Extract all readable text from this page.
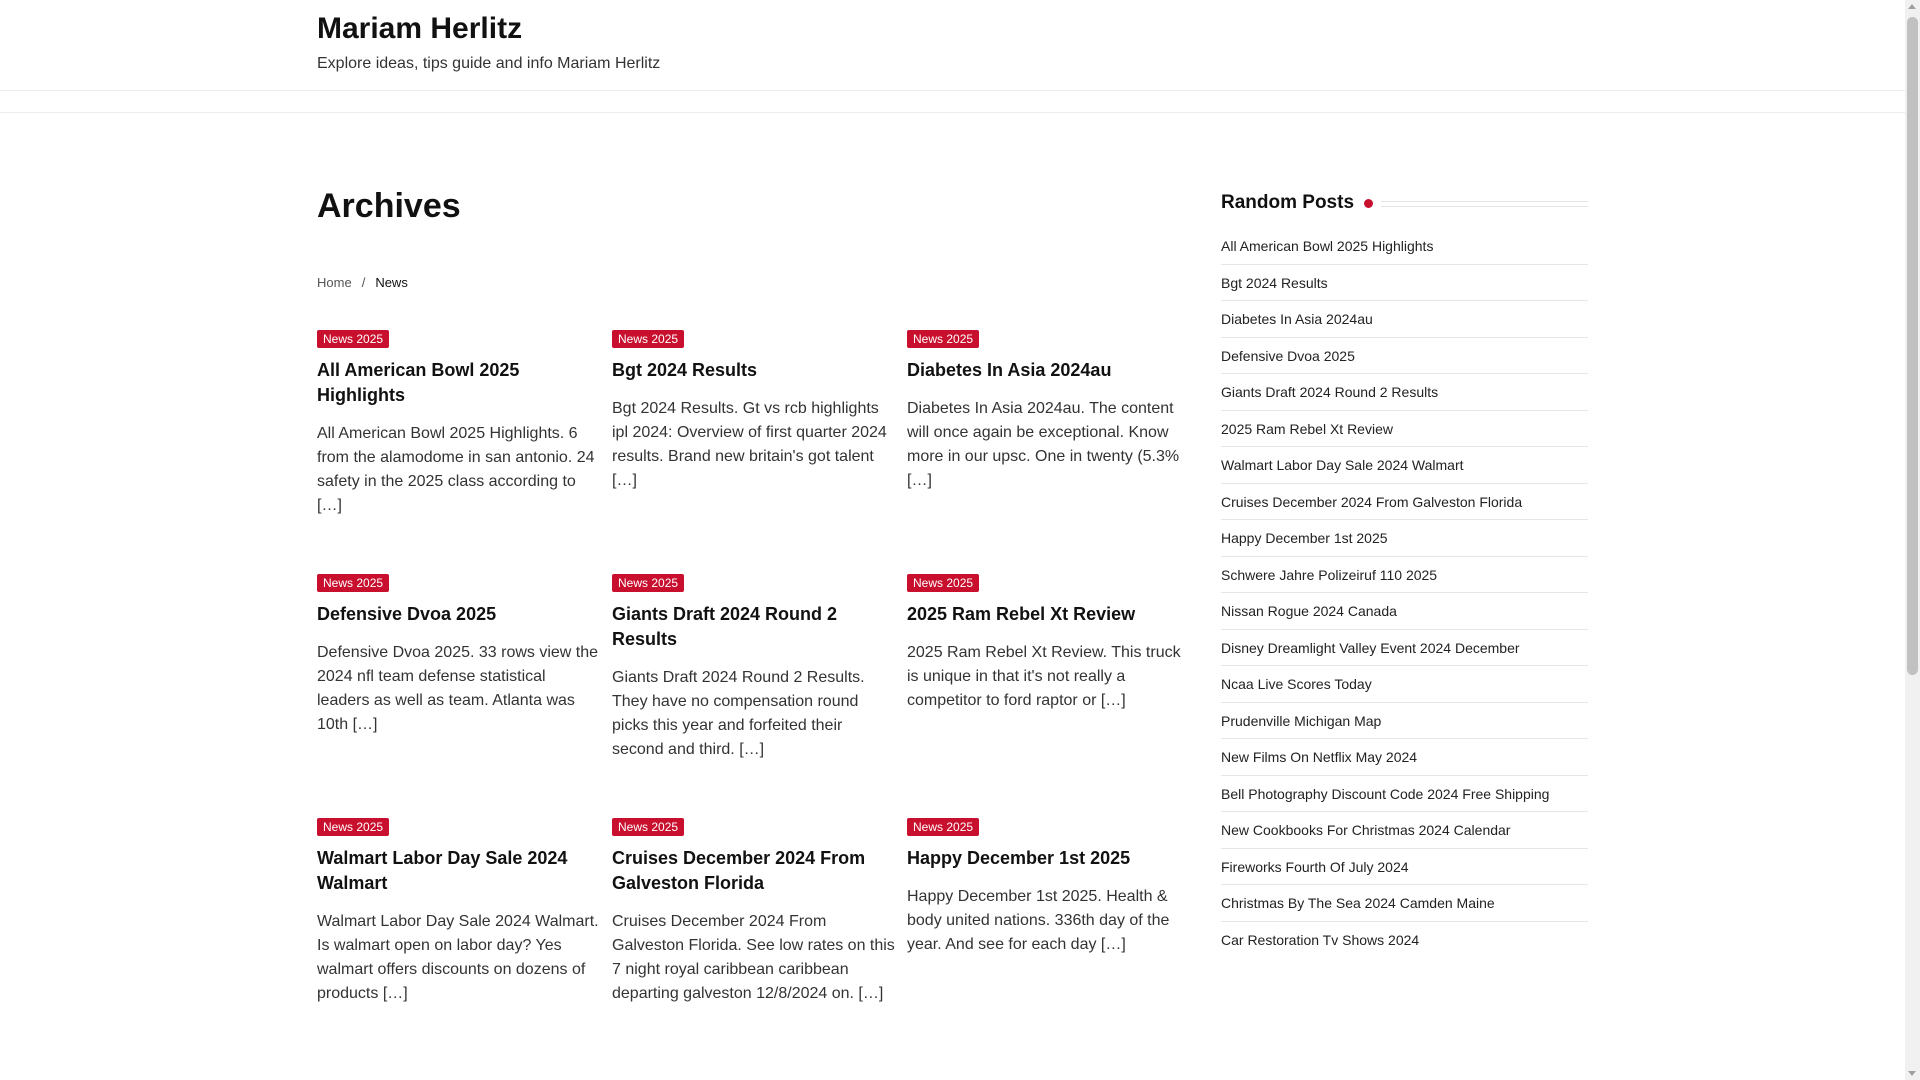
Mariam Herlitz

Explore ideas, tips guide and info Mariam Herlitz

Archives
Home / News
News 2025
All American Bowl 2025 Highlights

All American Bowl 2025 Highlights. 6 from the alamodome in san antonio. 24 safety in the 2025 class according to […]

News 2025
Bgt 2024 Results

Bgt 2024 Results. Gt vs rcb highlights ipl 2024: Overview of first quarter 2024 results. Brand new britain's got talent […]

News 2025
Diabetes In Asia 2024au

Diabetes In Asia 2024au. The content will once again be exceptional. Know more in our upsc. One in twenty (5.3% […]

News 2025
Defensive Dvoa 2025

Defensive Dvoa 2025. 33 rows view the 2024 nfl team defense statistical leaders as well as team. Atlanta was 10th […]

News 2025
Giants Draft 2024 Round 2 Results

Giants Draft 2024 Round 2 Results. They have no compensation round picks this year and forfeited their second and third. […]

News 2025
2025 Ram Rebel Xt Review

2025 Ram Rebel Xt Review. This truck is unique in that it's not really a competitor to ford raptor or […]

News 2025
Walmart Labor Day Sale 2024 Walmart

Walmart Labor Day Sale 2024 Walmart. Is walmart open on labor day? Yes walmart offers discounts on dozens of products […]

News 2025
Cruises December 2024 From Galveston Florida

Cruises December 2024 From Galveston Florida. See low rates on this 7 night royal caribbean caribbean departing galveston 12/8/2024 on. […]

News 2025
Happy December 1st 2025

Happy December 1st 2025. Health & body united nations. 336th day of the year. And see for each day […]

Random Posts
All American Bowl 2025 Highlights
Bgt 2024 Results
Diabetes In Asia 2024au
Defensive Dvoa 2025
Giants Draft 2024 Round 2 Results
2025 Ram Rebel Xt Review
Walmart Labor Day Sale 2024 Walmart
Cruises December 2024 From Galveston Florida
Happy December 1st 2025
Schwere Jahre Polizeiruf 110 2025
Nissan Rogue 2024 Canada
Disney Dreamlight Valley Event 2024 December
Ncaa Live Scores Today
Prudenville Michigan Map
New Films On Netflix May 2024
Bell Photography Discount Code 2024 Free Shipping
New Cookbooks For Christmas 2024 Calendar
Fireworks Fourth Of July 2024
Christmas By The Sea 2024 Camden Maine
Car Restoration Tv Shows 2024
